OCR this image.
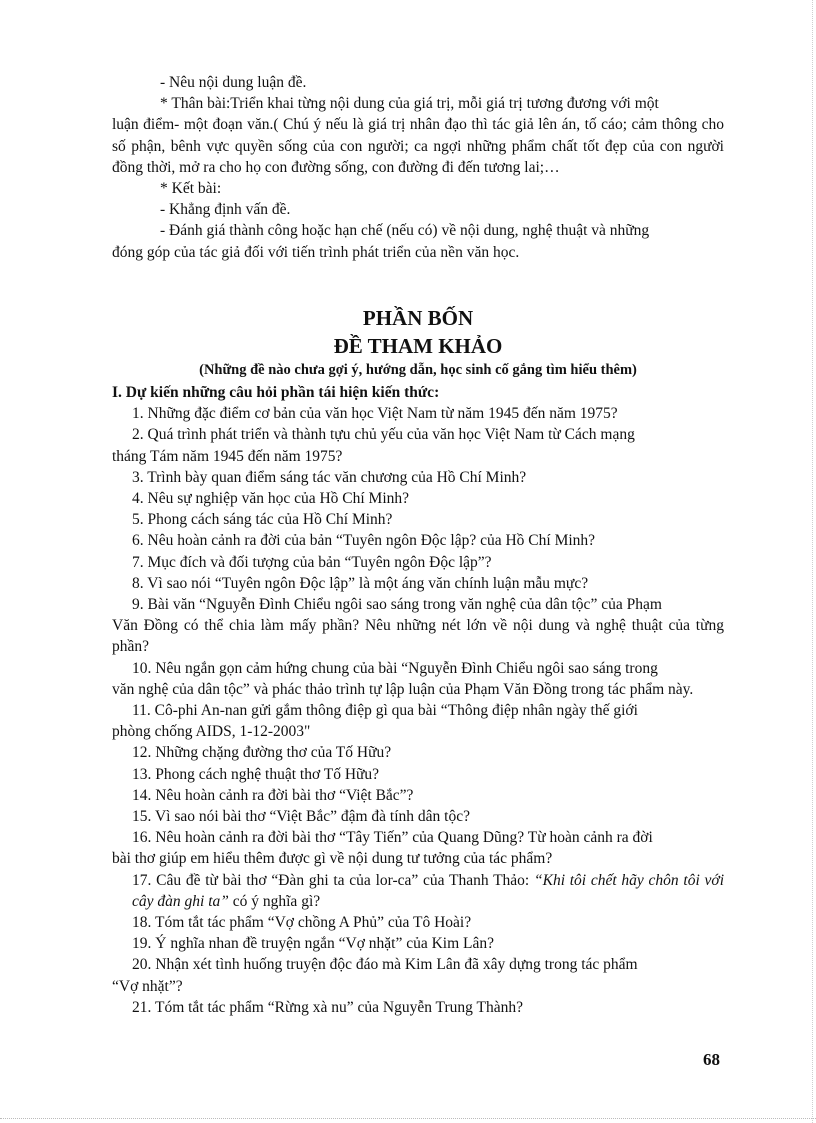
- Nêu nội dung luận đề.
* Thân bài:Triển khai từng nội dung của giá trị, mỗi giá trị tương đương với một
luận điểm- một đoạn văn.( Chú ý nếu là giá trị nhân đạo thì tác giả lên án, tố cáo; cảm thông cho số phận, bênh vực quyền sống của con người; ca ngợi những phẩm chất tốt đẹp của con người đồng thời, mở ra cho họ con đường sống, con đường đi đến tương lai;…
* Kết bài:
- Khẳng định vấn đề.
- Đánh giá thành công hoặc hạn chế (nếu có) về nội dung, nghệ thuật và những
đóng góp của tác giả đối với tiến trình phát triển của nền văn học.
PHẦN BỐN
ĐỀ THAM KHẢO
(Những đề nào chưa gợi ý, hướng dẫn, học sinh cố gắng tìm hiểu thêm)
I. Dự kiến những câu hỏi phần tái hiện kiến thức:
1. Những đặc điểm cơ bản của văn học Việt Nam từ năm 1945 đến năm 1975?
2. Quá trình phát triển và thành tựu chủ yếu của văn học Việt Nam từ Cách mạng
tháng Tám năm 1945 đến năm 1975?
3. Trình bày quan điểm sáng tác văn chương của Hồ Chí Minh?
4. Nêu sự nghiệp văn học của Hồ Chí Minh?
5. Phong cách sáng tác của Hồ Chí Minh?
6. Nêu hoàn cảnh ra đời của bản “Tuyên ngôn Độc lập? của Hồ Chí Minh?
7. Mục đích và đối tượng của bản “Tuyên ngôn Độc lập”?
8. Vì sao nói “Tuyên ngôn Độc lập” là một áng văn chính luận mẫu mực?
9. Bài văn “Nguyễn Đình Chiểu ngôi sao sáng trong văn nghệ của dân tộc” của Phạm
Văn Đồng có thể chia làm mấy phần? Nêu những nét lớn về nội dung và nghệ thuật của từng phần?
10. Nêu ngắn gọn cảm hứng chung của bài “Nguyễn Đình Chiểu ngôi sao sáng trong
văn nghệ của dân tộc” và phác thảo trình tự lập luận của Phạm Văn Đồng trong tác phẩm này.
11. Cô-phi An-nan gửi gắm thông điệp gì qua bài “Thông điệp nhân ngày thế giới
phòng chống AIDS, 1-12-2003"
12. Những chặng đường thơ của Tố Hữu?
13. Phong cách nghệ thuật thơ Tố Hữu?
14. Nêu hoàn cảnh ra đời bài thơ “Việt Bắc”?
15. Vì sao nói bài thơ “Việt Bắc” đậm đà tính dân tộc?
16. Nêu hoàn cảnh ra đời bài thơ “Tây Tiến” của Quang Dũng? Từ hoàn cảnh ra đời
bài thơ giúp em hiểu thêm được gì về nội dung tư tưởng của tác phẩm?
17. Câu đề từ bài thơ “Đàn ghi ta của lor-ca” của Thanh Thảo: “Khi tôi chết hãy chôn tôi với cây đàn ghi ta” có ý nghĩa gì?
18. Tóm tắt tác phẩm “Vợ chồng A Phủ” của Tô Hoài?
19. Ý nghĩa nhan đề truyện ngắn “Vợ nhặt” của Kim Lân?
20. Nhận xét tình huống truyện độc đáo mà Kim Lân đã xây dựng trong tác phẩm
“Vợ nhặt”?
21. Tóm tắt tác phẩm “Rừng xà nu” của Nguyễn Trung Thành?
68
